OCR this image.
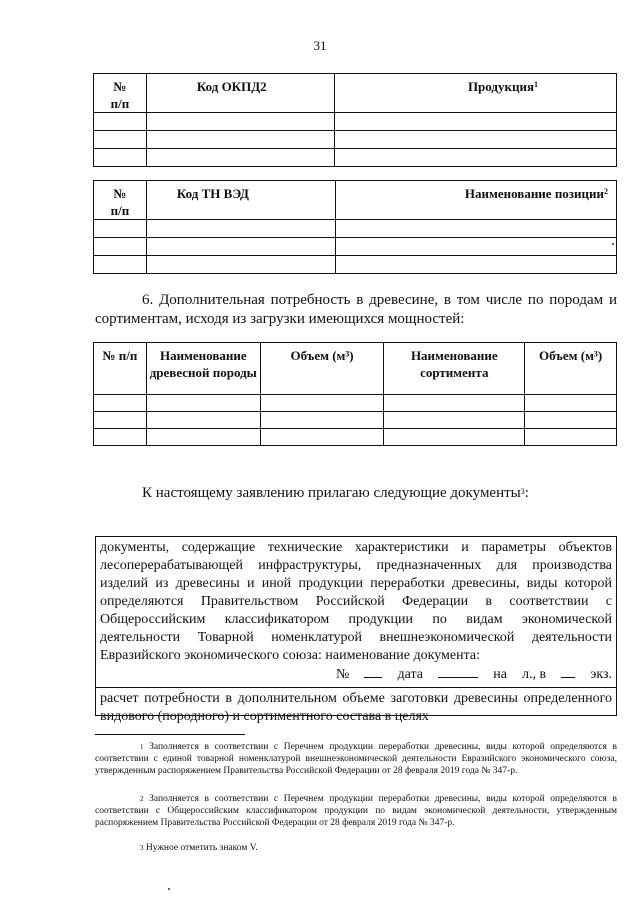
31
№
п/п	Код ОКПД2	Продукция$^1$

№
п/п	Код ТН ВЭД	Наименование позиции$^2$

6. Дополнительная потребность в древесине, в том числе по породам и сортиментам, исходя из загрузки имеющихся мощностей:
№ п/п	Наименование древесной породы	Объем (м³)	Наименование сортимента	Объем (м³)

К настоящему заявлению прилагаю следующие документы$^3$:
документы, содержащие технические характеристики и параметры объектов лесоперерабатывающей инфраструктуры, предназначенных для производства изделий из древесины и иной продукции переработки древесины, виды которой определяются Правительством Российской Федерации в соответствии с Общероссийским классификатором продукции по видам экономической деятельности Товарной номенклатурой внешнеэкономической деятельности Евразийского экономического союза: наименование документа:
№	дата	на л., в	экз.
расчет потребности в дополнительном объеме заготовки древесины определенного видового (породного) и сортиментного состава в целях
$^1$ Заполняется в соответствии с Перечнем продукции переработки древесины, виды которой определяются в соответствии с единой товарной номенклатурой внешнеэкономической деятельности Евразийского экономического союза, утвержденным распоряжением Правительства Российской Федерации от 28 февраля 2019 года № 347-р.
$^2$ Заполняется в соответствии с Перечнем продукции переработки древесины, виды которой определяются в соответствии с Общероссийским классификатором продукции по видам экономической деятельности, утвержденным распоряжением Правительства Российской Федерации от 28 февраля 2019 года № 347-р.
$^3$ Нужное отметить знаком V.
